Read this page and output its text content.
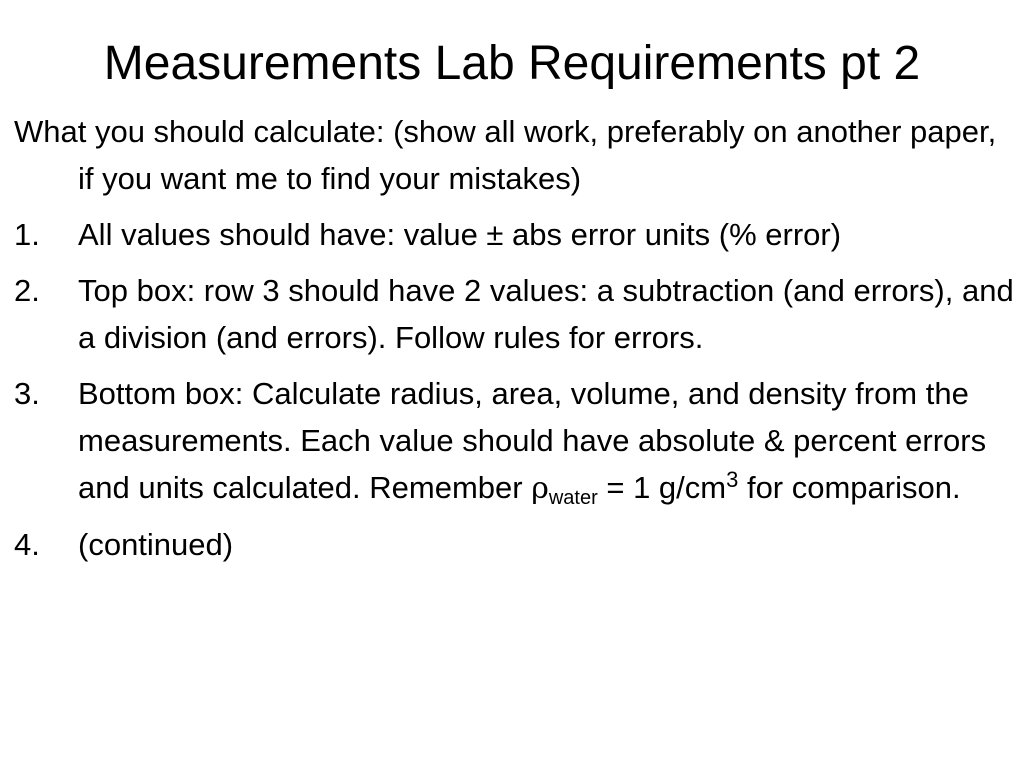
Measurements Lab Requirements pt 2
What you should calculate: (show all work, preferably on another paper, if you want me to find your mistakes)
1.	All values should have: value ± abs error units (% error)
2.	Top box: row 3 should have 2 values: a subtraction (and errors), and a division (and errors). Follow rules for errors.
3.	Bottom box: Calculate radius, area, volume, and density from the measurements. Each value should have absolute & percent errors and units calculated. Remember $\rho_{water} = 1$ $g/cm^3$ for comparison.
4.	(continued)
